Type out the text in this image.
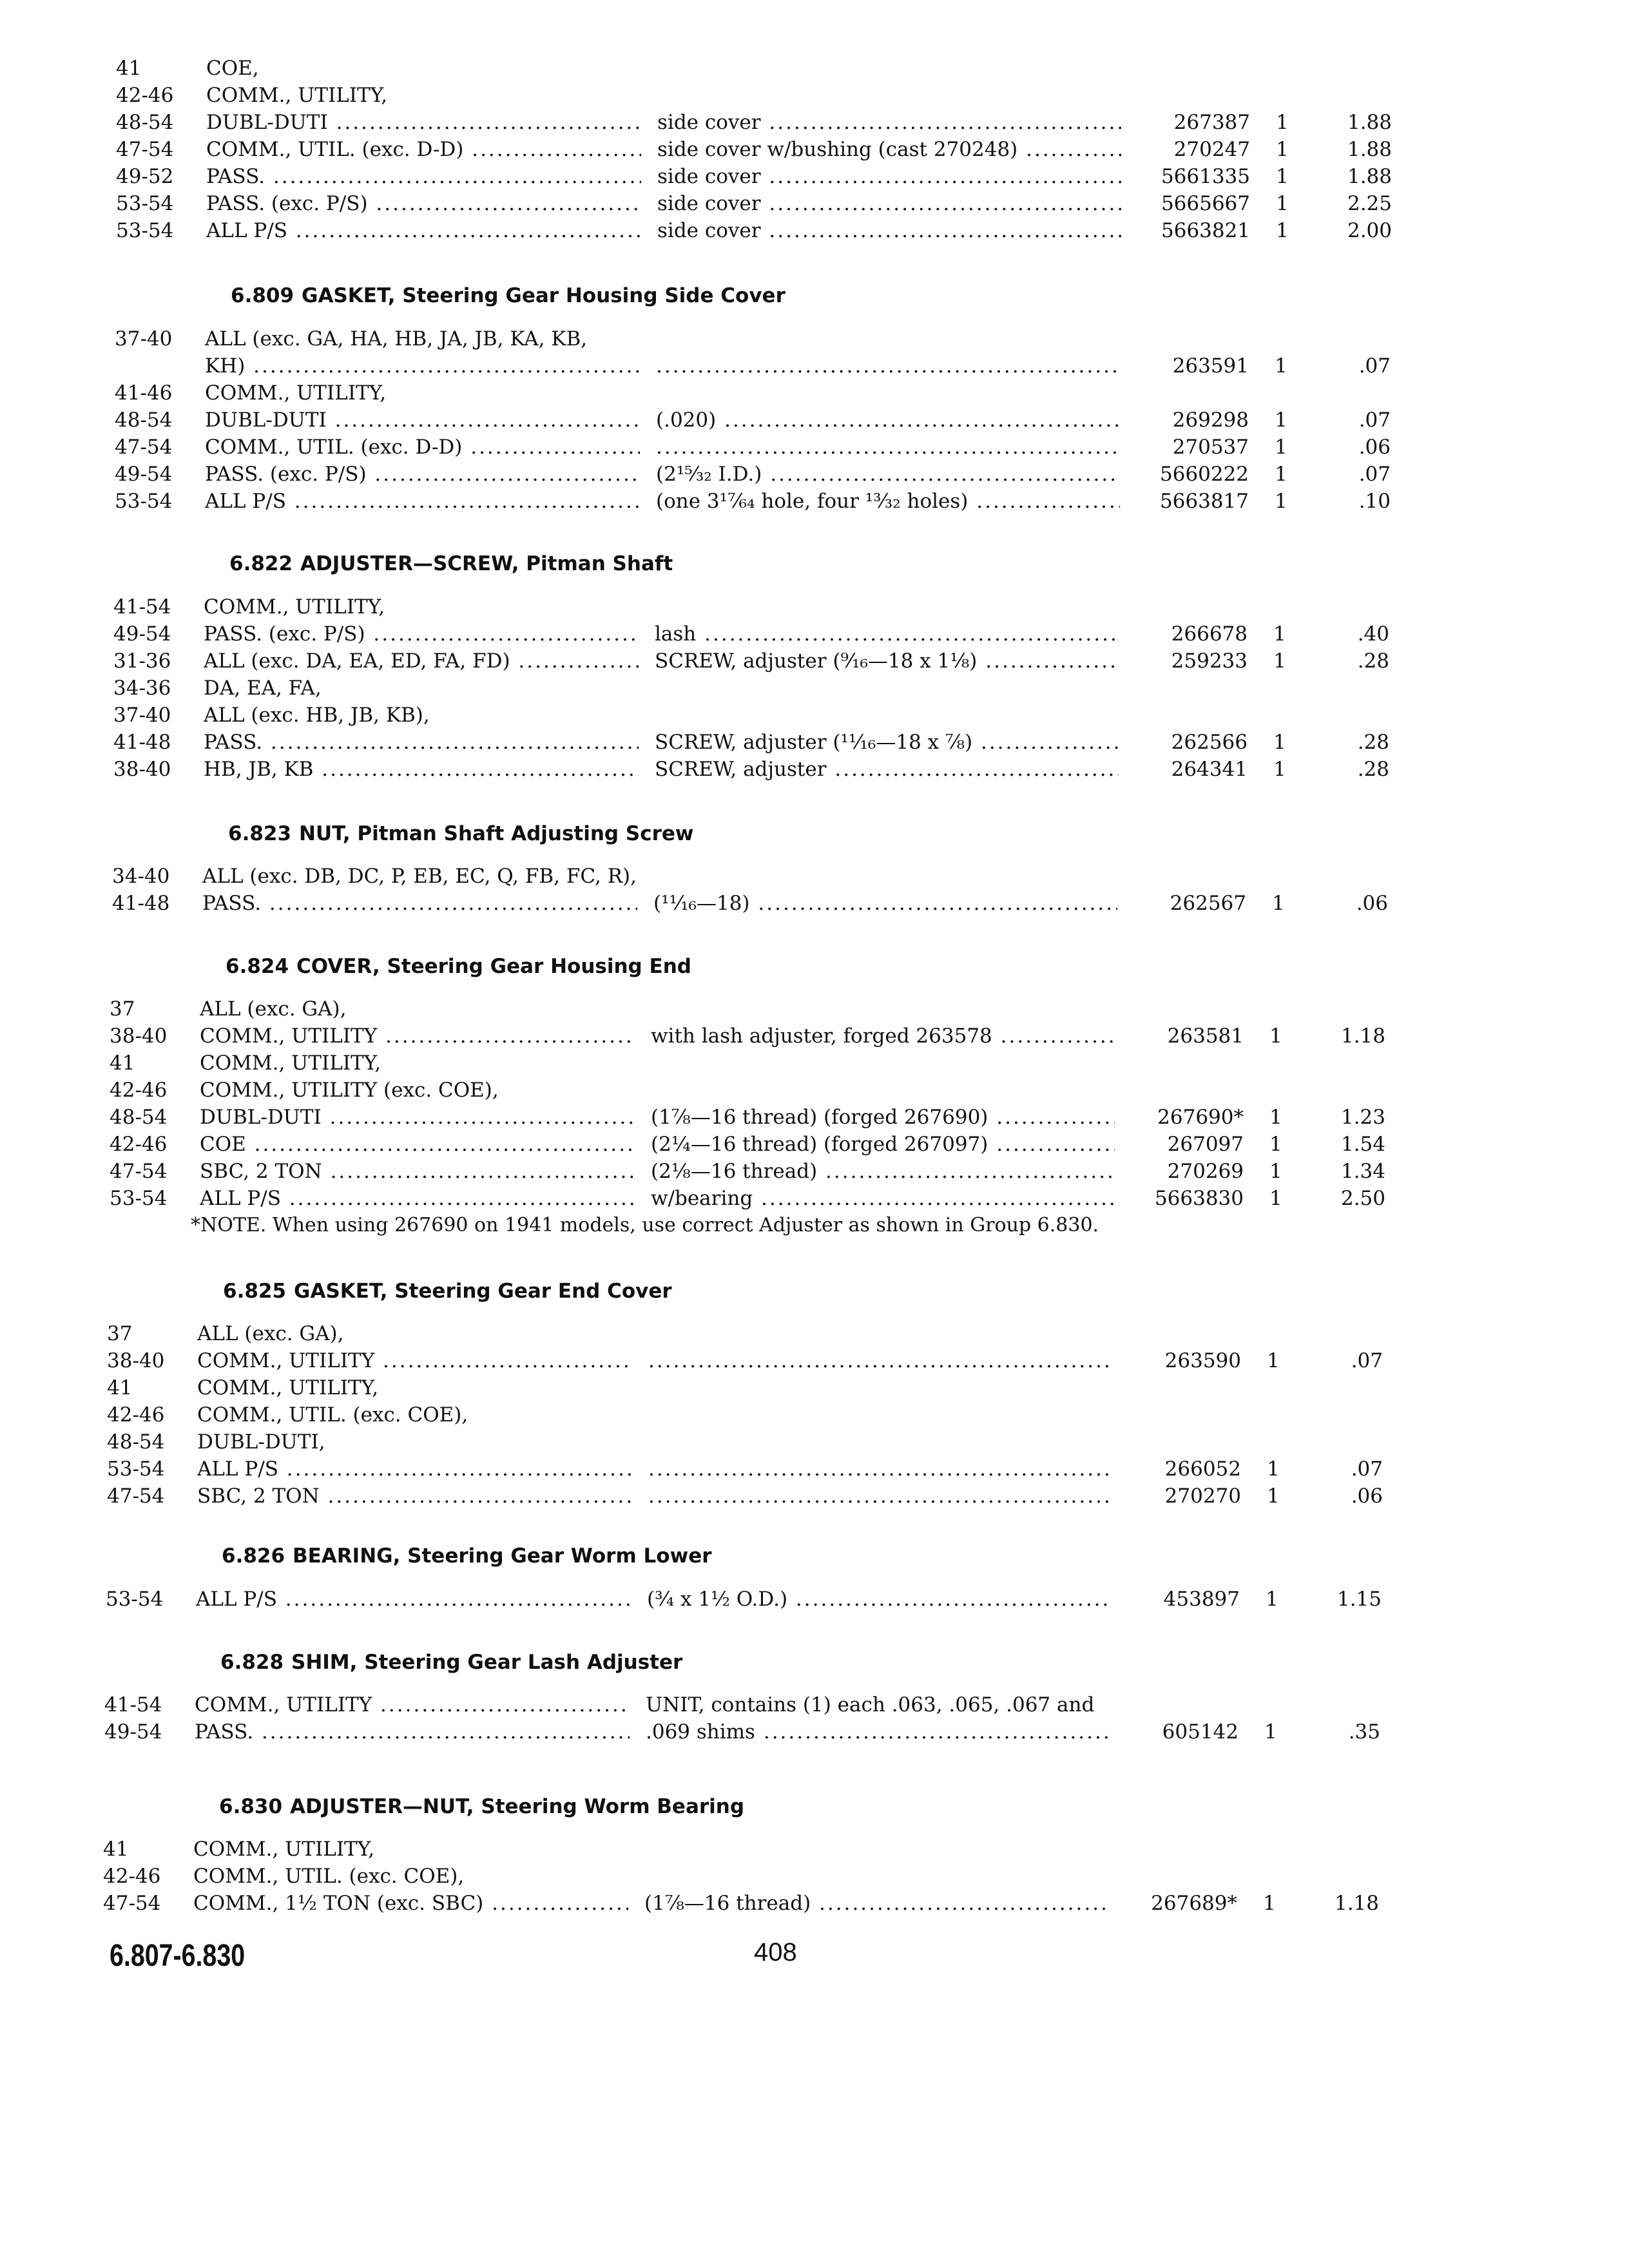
41	COE,
42-46	COMM., UTILITY,
48-54	DUBL-DUTI .....	side cover .....	267387	1	1.88
47-54	COMM., UTIL. (exc. D-D) .....	side cover w/bushing (cast 270248) .....	270247	1	1.88
49-52	PASS. .....	side cover .....	5661335	1	1.88
53-54	PASS. (exc. P/S) .....	side cover .....	5665667	1	2.25
53-54	ALL P/S .....	side cover .....	5663821	1	2.00
6.809 GASKET, Steering Gear Housing Side Cover
37-40	ALL (exc. GA, HA, HB, JA, JB, KA, KB,
KH) ..... .....	263591	1	.07
41-46	COMM., UTILITY,
48-54	DUBL-DUTI .....	(.020) .....	269298	1	.07
47-54	COMM., UTIL. (exc. D-D) ..... .....	270537	1	.06
49-54	PASS. (exc. P/S) .....	(2¹⁵⁄₃₂ I.D.) .....	5660222	1	.07
53-54	ALL P/S .....	(one 3¹⁷⁄₆₄ hole, four ¹³⁄₃₂ holes) .....	5663817	1	.10
6.822 ADJUSTER—SCREW, Pitman Shaft
41-54	COMM., UTILITY,
49-54	PASS. (exc. P/S) .....	lash .....	266678	1	.40
31-36	ALL (exc. DA, EA, ED, FA, FD) .....	SCREW, adjuster (⁹⁄₁₆—18 x 1¹⁄₈) .....	259233	1	.28
34-36	DA, EA, FA,
37-40	ALL (exc. HB, JB, KB),
41-48	PASS. .....	SCREW, adjuster (¹¹⁄₁₆—18 x ⁷⁄₈) .....	262566	1	.28
38-40	HB, JB, KB .....	SCREW, adjuster .....	264341	1	.28
6.823 NUT, Pitman Shaft Adjusting Screw
34-40	ALL (exc. DB, DC, P, EB, EC, Q, FB, FC, R),
41-48	PASS. .....	(¹¹⁄₁₆—18) .....	262567	1	.06
6.824 COVER, Steering Gear Housing End
37	ALL (exc. GA),
38-40	COMM., UTILITY .....	with lash adjuster, forged 263578 .....	263581	1	1.18
41	COMM., UTILITY,
42-46	COMM., UTILITY (exc. COE),
48-54	DUBL-DUTI .....	(1⁷⁄₈—16 thread) (forged 267690) .....	267690*	1	1.23
42-46	COE .....	(2¹⁄₄—16 thread) (forged 267097) .....	267097	1	1.54
47-54	SBC, 2 TON .....	(2¹⁄₈—16 thread) .....	270269	1	1.34
53-54	ALL P/S .....	w/bearing .....	5663830	1	2.50
*NOTE. When using 267690 on 1941 models, use correct Adjuster as shown in Group 6.830.
6.825 GASKET, Steering Gear End Cover
37	ALL (exc. GA),
38-40	COMM., UTILITY ..... .....	263590	1	.07
41	COMM., UTILITY,
42-46	COMM., UTIL. (exc. COE),
48-54	DUBL-DUTI,
53-54	ALL P/S ..... .....	266052	1	.07
47-54	SBC, 2 TON ..... .....	270270	1	.06
6.826 BEARING, Steering Gear Worm Lower
53-54	ALL P/S .....	(³⁄₄ x 1¹⁄₂ O.D.) .....	453897	1	1.15
6.828 SHIM, Steering Gear Lash Adjuster
41-54	COMM., UTILITY .....	UNIT, contains (1) each .063, .065, .067 and
49-54	PASS. .....	.069 shims .....	605142	1	.35
6.830 ADJUSTER—NUT, Steering Worm Bearing
41	COMM., UTILITY,
42-46	COMM., UTIL. (exc. COE),
47-54	COMM., 1¹⁄₂ TON (exc. SBC) .....	(1⁷⁄₈—16 thread) .....	267689*	1	1.18
6.807-6.830	408
